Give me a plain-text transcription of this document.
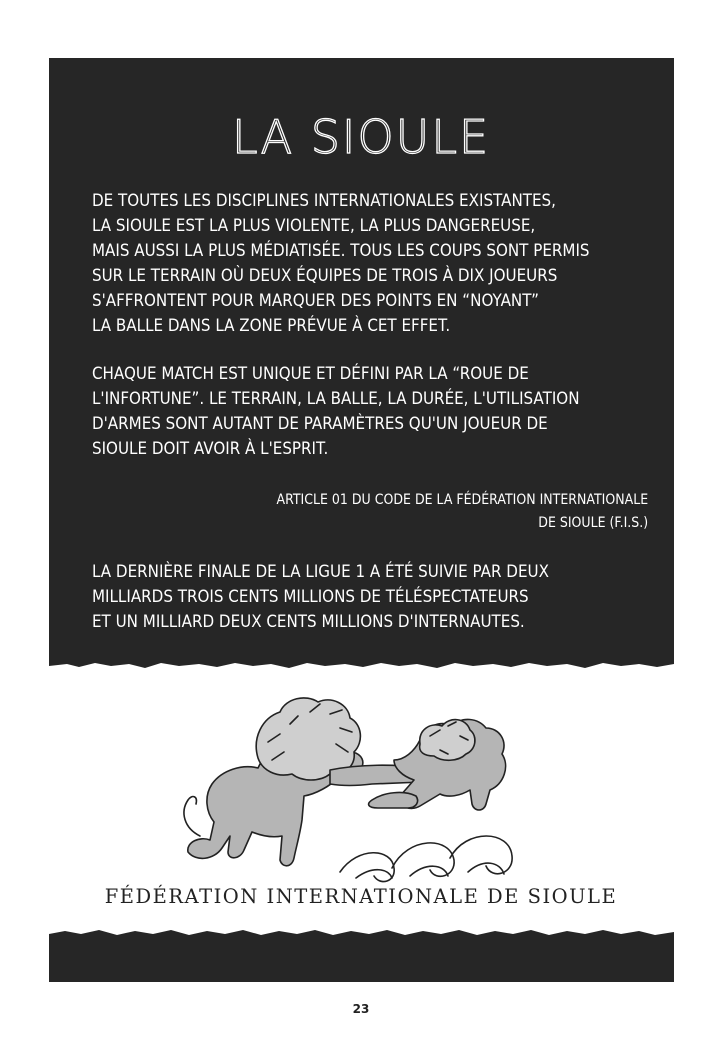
LA SIOULE

DE TOUTES LES DISCIPLINES INTERNATIONALES EXISTANTES,
LA SIOULE EST LA PLUS VIOLENTE, LA PLUS DANGEREUSE,
MAIS AUSSI LA PLUS MÉDIATISÉE. TOUS LES COUPS SONT PERMIS
SUR LE TERRAIN OÙ DEUX ÉQUIPES DE TROIS À DIX JOUEURS
S'AFFRONTENT POUR MARQUER DES POINTS EN “NOYANT”
LA BALLE DANS LA ZONE PRÉVUE À CET EFFET.

CHAQUE MATCH EST UNIQUE ET DÉFINI PAR LA “ROUE DE
L'INFORTUNE”. LE TERRAIN, LA BALLE, LA DURÉE, L'UTILISATION
D'ARMES SONT AUTANT DE PARAMÈTRES QU'UN JOUEUR DE
SIOULE DOIT AVOIR À L'ESPRIT.

ARTICLE 01 DU CODE DE LA FÉDÉRATION INTERNATIONALE
DE SIOULE (F.I.S.)

LA DERNIÈRE FINALE DE LA LIGUE 1 A ÉTÉ SUIVIE PAR DEUX
MILLIARDS TROIS CENTS MILLIONS DE TÉLÉSPECTATEURS
ET UN MILLIARD DEUX CENTS MILLIONS D'INTERNAUTES.

FÉDÉRATION INTERNATIONALE DE SIOULE

23
